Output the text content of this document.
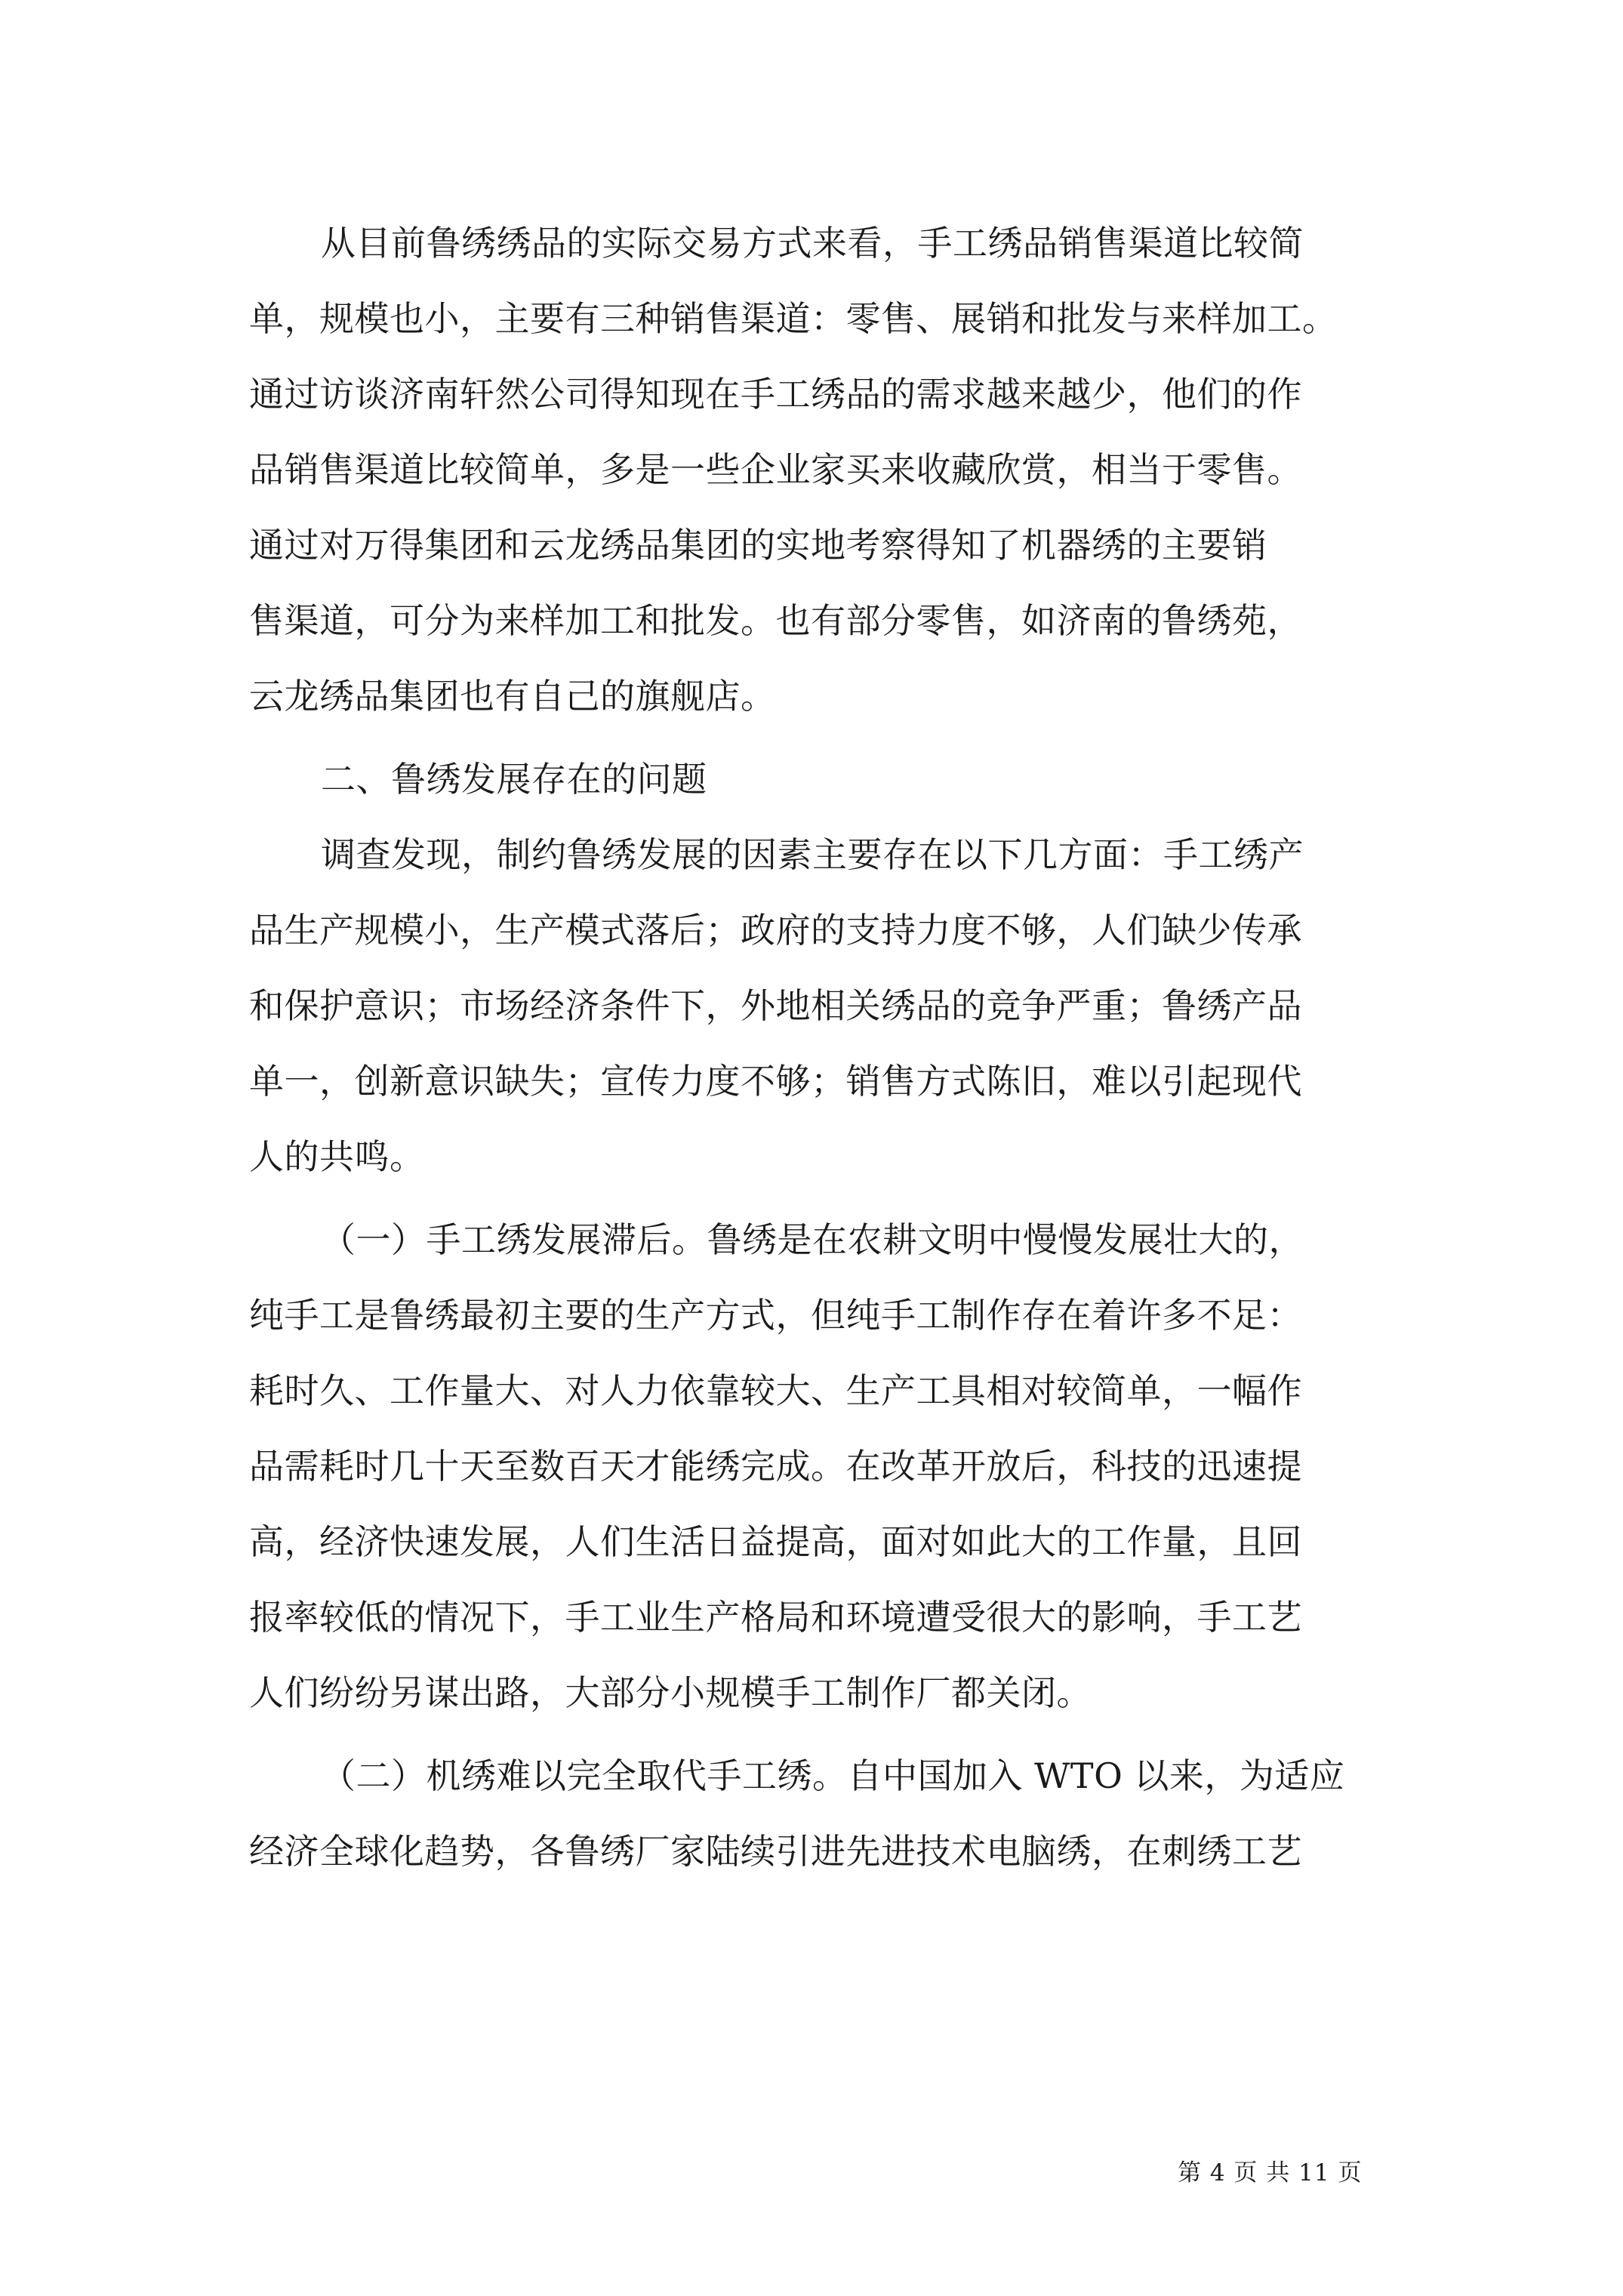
从目前鲁绣绣品的实际交易方式来看，手工绣品销售渠道比较简
单，规模也小，主要有三种销售渠道：零售、展销和批发与来样加工。
通过访谈济南轩然公司得知现在手工绣品的需求越来越少，他们的作
品销售渠道比较简单，多是一些企业家买来收藏欣赏，相当于零售。
通过对万得集团和云龙绣品集团的实地考察得知了机器绣的主要销
售渠道，可分为来样加工和批发。也有部分零售，如济南的鲁绣苑，
云龙绣品集团也有自己的旗舰店。
二、鲁绣发展存在的问题
调查发现，制约鲁绣发展的因素主要存在以下几方面：手工绣产
品生产规模小，生产模式落后；政府的支持力度不够，人们缺少传承
和保护意识；市场经济条件下，外地相关绣品的竞争严重；鲁绣产品
单一，创新意识缺失；宣传力度不够；销售方式陈旧，难以引起现代
人的共鸣。
（一）手工绣发展滞后。鲁绣是在农耕文明中慢慢发展壮大的，
纯手工是鲁绣最初主要的生产方式，但纯手工制作存在着许多不足：
耗时久、工作量大、对人力依靠较大、生产工具相对较简单，一幅作
品需耗时几十天至数百天才能绣完成。在改革开放后，科技的迅速提
高，经济快速发展，人们生活日益提高，面对如此大的工作量，且回
报率较低的情况下，手工业生产格局和环境遭受很大的影响，手工艺
人们纷纷另谋出路，大部分小规模手工制作厂都关闭。
（二）机绣难以完全取代手工绣。自中国加入 WTO 以来，为适应
经济全球化趋势，各鲁绣厂家陆续引进先进技术电脑绣，在刺绣工艺
第 4 页 共 11 页
